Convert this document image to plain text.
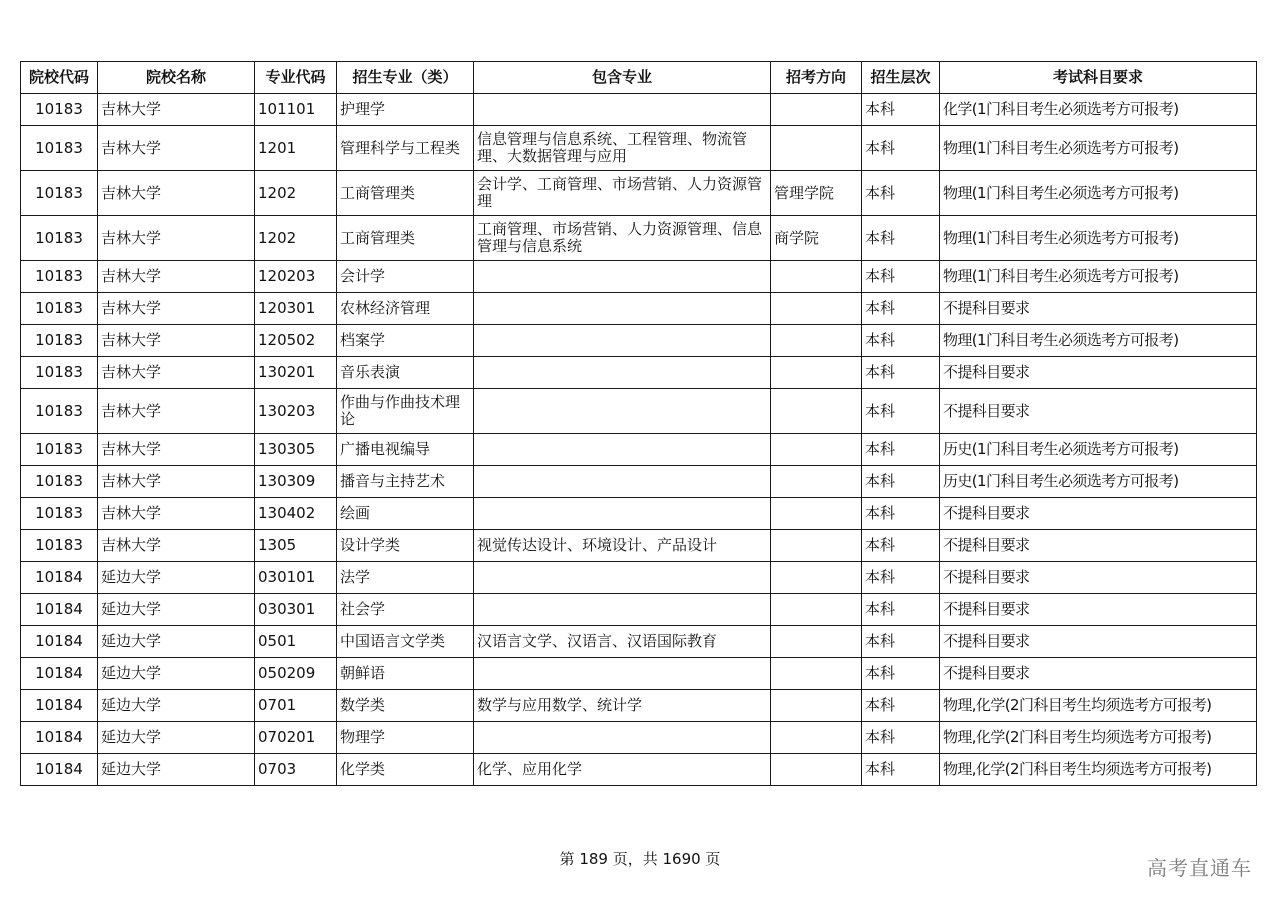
院校代码	院校名称	专业代码	招生专业（类）	包含专业	招考方向	招生层次	考试科目要求
10183	吉林大学	101101	护理学			本科	化学(1门科目考生必须选考方可报考)
10183	吉林大学	1201	管理科学与工程类	信息管理与信息系统、工程管理、物流管理、大数据管理与应用		本科	物理(1门科目考生必须选考方可报考)
10183	吉林大学	1202	工商管理类	会计学、工商管理、市场营销、人力资源管理	管理学院	本科	物理(1门科目考生必须选考方可报考)
10183	吉林大学	1202	工商管理类	工商管理、市场营销、人力资源管理、信息管理与信息系统	商学院	本科	物理(1门科目考生必须选考方可报考)
10183	吉林大学	120203	会计学			本科	物理(1门科目考生必须选考方可报考)
10183	吉林大学	120301	农林经济管理			本科	不提科目要求
10183	吉林大学	120502	档案学			本科	物理(1门科目考生必须选考方可报考)
10183	吉林大学	130201	音乐表演			本科	不提科目要求
10183	吉林大学	130203	作曲与作曲技术理论			本科	不提科目要求
10183	吉林大学	130305	广播电视编导			本科	历史(1门科目考生必须选考方可报考)
10183	吉林大学	130309	播音与主持艺术			本科	历史(1门科目考生必须选考方可报考)
10183	吉林大学	130402	绘画			本科	不提科目要求
10183	吉林大学	1305	设计学类	视觉传达设计、环境设计、产品设计		本科	不提科目要求
10184	延边大学	030101	法学			本科	不提科目要求
10184	延边大学	030301	社会学			本科	不提科目要求
10184	延边大学	0501	中国语言文学类	汉语言文学、汉语言、汉语国际教育		本科	不提科目要求
10184	延边大学	050209	朝鲜语			本科	不提科目要求
10184	延边大学	0701	数学类	数学与应用数学、统计学		本科	物理,化学(2门科目考生均须选考方可报考)
10184	延边大学	070201	物理学			本科	物理,化学(2门科目考生均须选考方可报考)
10184	延边大学	0703	化学类	化学、应用化学		本科	物理,化学(2门科目考生均须选考方可报考)
第 189 页，共 1690 页	高考直通车
